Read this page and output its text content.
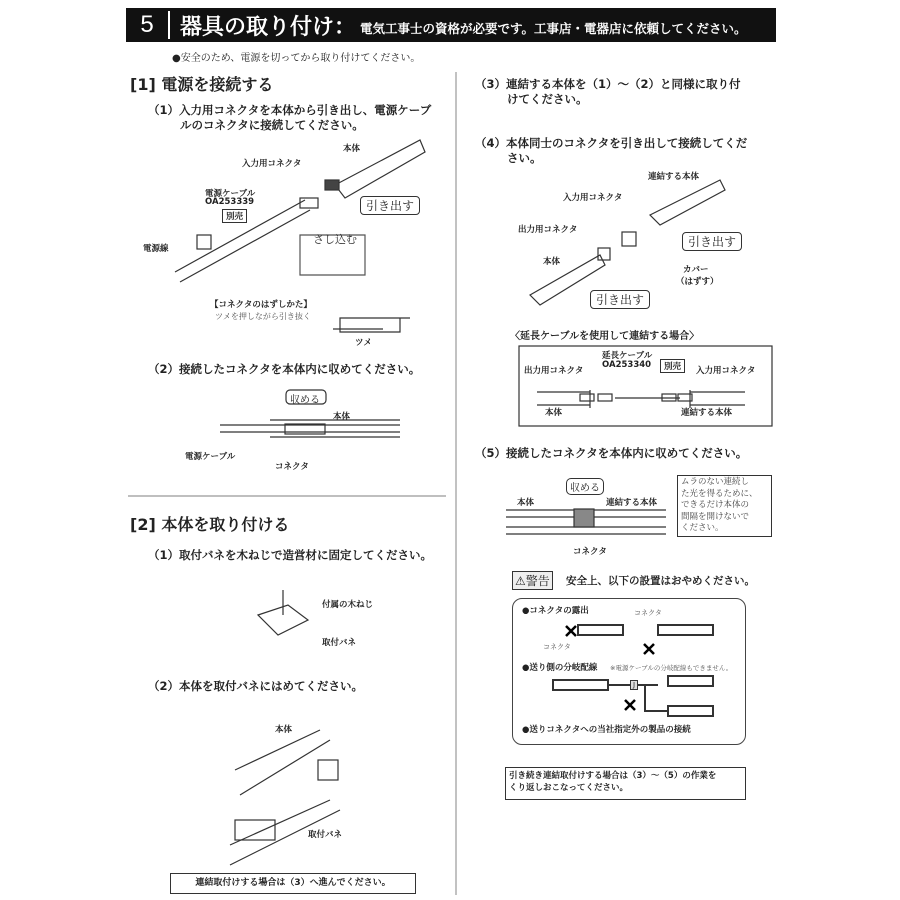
5	器具の取り付け： 電気工事士の資格が必要です。工事店・電器店に依頼してください。
●安全のため、電源を切ってから取り付けてください。
[1] 電源を接続する
（1）入力用コネクタを本体から引き出し、電源ケーブ
ルのコネクタに接続してください。
本体
入力用コネクタ
電源ケーブル
OA253339
別売
引き出す
さし込む
電源線
【コネクタのはずしかた】
ツメを押しながら引き抜く
ツメ
（2）接続したコネクタを本体内に収めてください。
収める
本体
電源ケーブル
コネクタ
[2] 本体を取り付ける
（1）取付バネを木ねじで造営材に固定してください。
付属の木ねじ
取付バネ
（2）本体を取付バネにはめてください。
本体
取付バネ
連結取付けする場合は（3）へ進んでください。
（3）連結する本体を（1）～（2）と同様に取り付
けてください。
（4）本体同士のコネクタを引き出して接続してくだ
さい。
連結する本体
入力用コネクタ
出力用コネクタ
本体
引き出す
カバー
（はずす）
引き出す
〈延長ケーブルを使用して連結する場合〉
延長ケーブル
OA253340	別売
出力用コネクタ	入力用コネクタ
本体	連結する本体
（5）接続したコネクタを本体内に収めてください。
収める
本体	連結する本体
コネクタ
ムラのない連続し
た光を得るために、
できるだけ本体の
間隔を開けないで
ください。
⚠警告 安全上、以下の設置はおやめください。
●コネクタの露出	コネクタ
コネクタ
●送り側の分岐配線 ※電源ケーブルの分岐配線もできません。
J
●送りコネクタへの当社指定外の製品の接続
引き続き連結取付けする場合は（3）～（5）の作業を
くり返しおこなってください。
